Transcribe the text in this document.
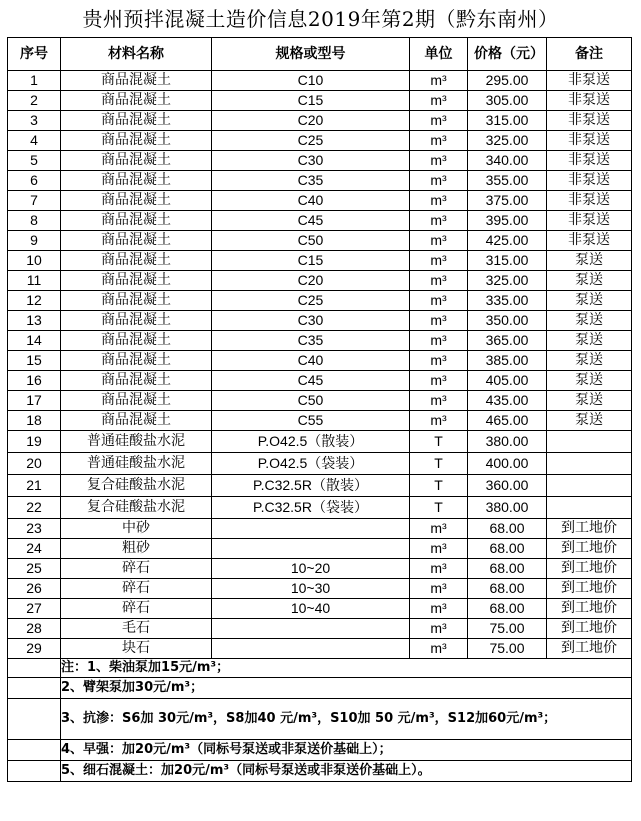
贵州预拌混凝土造价信息2019年第2期（黔东南州）
序号	材料名称	规格或型号	单位	价格（元）	备注
1	商品混凝土	C10	m³	295.00	非泵送
2	商品混凝土	C15	m³	305.00	非泵送
3	商品混凝土	C20	m³	315.00	非泵送
4	商品混凝土	C25	m³	325.00	非泵送
5	商品混凝土	C30	m³	340.00	非泵送
6	商品混凝土	C35	m³	355.00	非泵送
7	商品混凝土	C40	m³	375.00	非泵送
8	商品混凝土	C45	m³	395.00	非泵送
9	商品混凝土	C50	m³	425.00	非泵送
10	商品混凝土	C15	m³	315.00	泵送
11	商品混凝土	C20	m³	325.00	泵送
12	商品混凝土	C25	m³	335.00	泵送
13	商品混凝土	C30	m³	350.00	泵送
14	商品混凝土	C35	m³	365.00	泵送
15	商品混凝土	C40	m³	385.00	泵送
16	商品混凝土	C45	m³	405.00	泵送
17	商品混凝土	C50	m³	435.00	泵送
18	商品混凝土	C55	m³	465.00	泵送
19	普通硅酸盐水泥	P.O42.5（散装）	T	380.00	
20	普通硅酸盐水泥	P.O42.5（袋装）	T	400.00	
21	复合硅酸盐水泥	P.C32.5R（散装）	T	360.00	
22	复合硅酸盐水泥	P.C32.5R（袋装）	T	380.00	
23	中砂		m³	68.00	到工地价
24	粗砂		m³	68.00	到工地价
25	碎石	10~20	m³	68.00	到工地价
26	碎石	10~30	m³	68.00	到工地价
27	碎石	10~40	m³	68.00	到工地价
28	毛石		m³	75.00	到工地价
29	块石		m³	75.00	到工地价
	注：1、柴油泵加15元/m³；				
	2、臂架泵加30元/m³；				
	3、抗渗：S6加 30元/m³，S8加40 元/m³，S10加 50 元/m³，S12加60元/m³；				
	4、早强：加20元/m³（同标号泵送或非泵送价基础上）；				
	5、细石混凝土：加20元/m³（同标号泵送或非泵送价基础上）。				
